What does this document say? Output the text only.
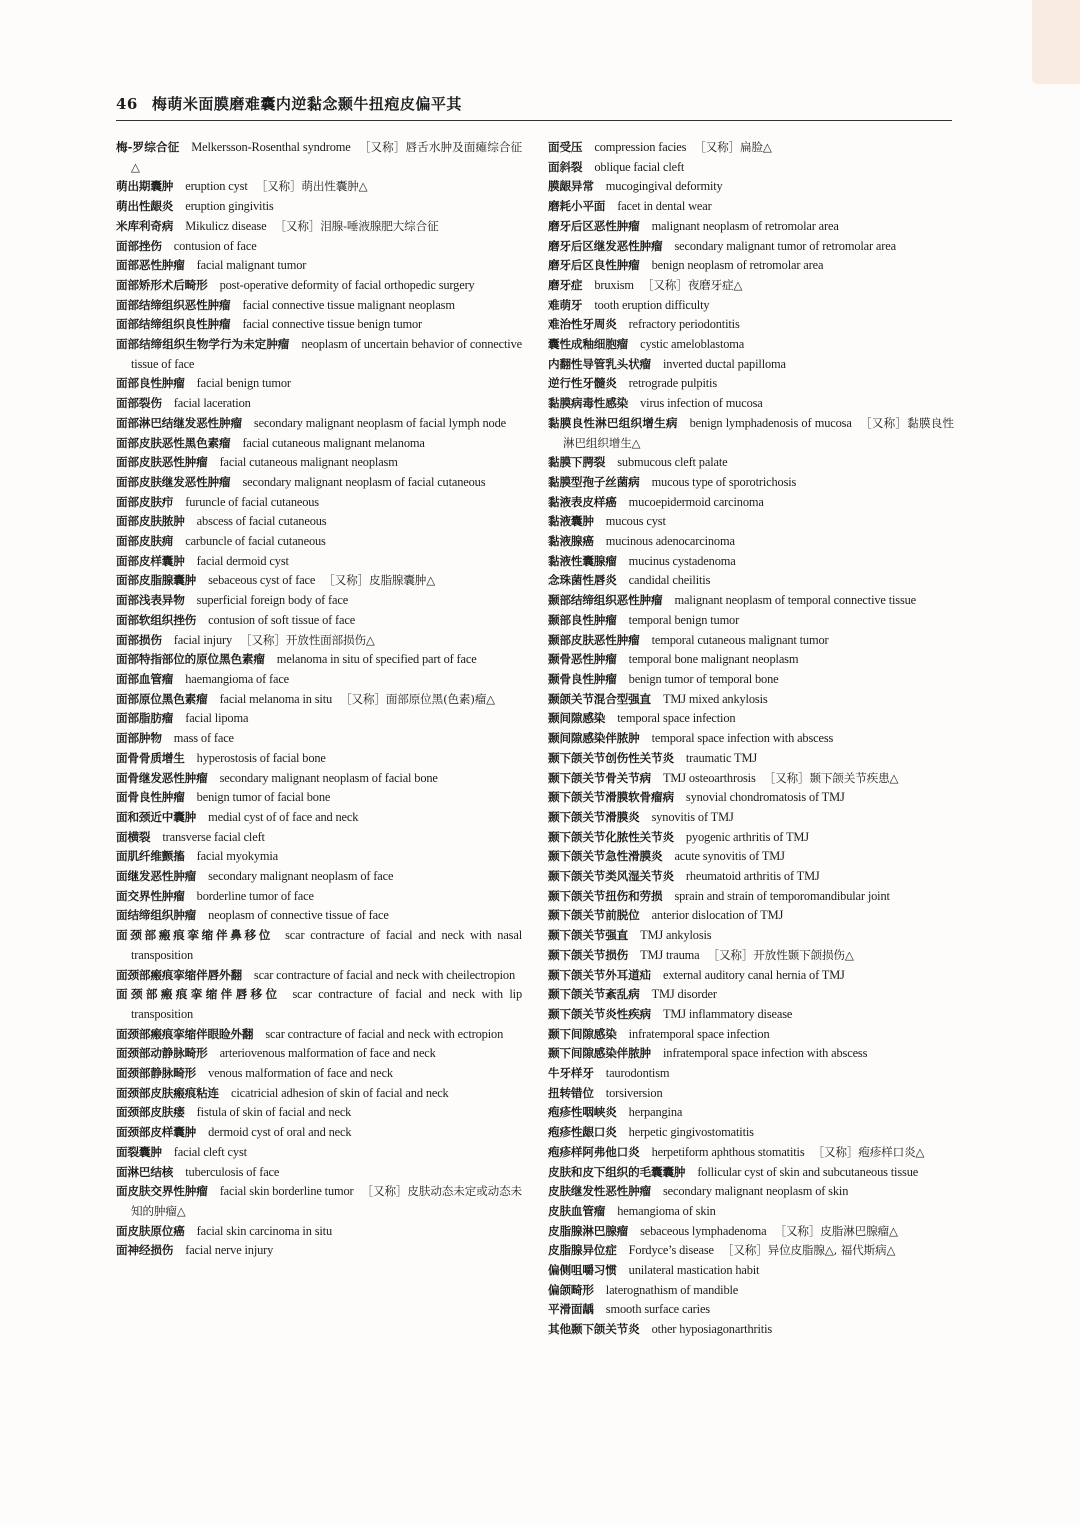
46 梅萌米面膜磨难囊内逆黏念颞牛扭疱皮偏平其
梅-罗综合征 Melkersson-Rosenthal syndrome ［又称］唇舌水肿及面瘫综合征△
萌出期囊肿 eruption cyst ［又称］萌出性囊肿△
萌出性龈炎 eruption gingivitis
米库利奇病 Mikulicz disease ［又称］泪腺-唾液腺肥大综合征
面部挫伤 contusion of face
面部恶性肿瘤 facial malignant tumor
面部矫形术后畸形 post-operative deformity of facial orthopedic surgery
面部结缔组织恶性肿瘤 facial connective tissue malignant neoplasm
面部结缔组织良性肿瘤 facial connective tissue benign tumor
面部结缔组织生物学行为未定肿瘤 neoplasm of uncertain behavior of connective tissue of face
面部良性肿瘤 facial benign tumor
面部裂伤 facial laceration
面部淋巴结继发恶性肿瘤 secondary malignant neoplasm of facial lymph node
面部皮肤恶性黑色素瘤 facial cutaneous malignant melanoma
面部皮肤恶性肿瘤 facial cutaneous malignant neoplasm
面部皮肤继发恶性肿瘤 secondary malignant neoplasm of facial cutaneous
面部皮肤疖 furuncle of facial cutaneous
面部皮肤脓肿 abscess of facial cutaneous
面部皮肤痈 carbuncle of facial cutaneous
面部皮样囊肿 facial dermoid cyst
面部皮脂腺囊肿 sebaceous cyst of face ［又称］皮脂腺囊肿△
面部浅表异物 superficial foreign body of face
面部软组织挫伤 contusion of soft tissue of face
面部损伤 facial injury ［又称］开放性面部损伤△
面部特指部位的原位黑色素瘤 melanoma in situ of specified part of face
面部血管瘤 haemangioma of face
面部原位黑色素瘤 facial melanoma in situ ［又称］面部原位黑(色素)瘤△
面部脂肪瘤 facial lipoma
面部肿物 mass of face
面骨骨质增生 hyperostosis of facial bone
面骨继发恶性肿瘤 secondary malignant neoplasm of facial bone
面骨良性肿瘤 benign tumor of facial bone
面和颈近中囊肿 medial cyst of of face and neck
面横裂 transverse facial cleft
面肌纤维颤搐 facial myokymia
面继发恶性肿瘤 secondary malignant neoplasm of face
面交界性肿瘤 borderline tumor of face
面结缔组织肿瘤 neoplasm of connective tissue of face
面颈部瘢痕挛缩伴鼻移位 scar contracture of facial and neck with nasal transposition
面颈部瘢痕挛缩伴唇外翻 scar contracture of facial and neck with cheilectropion
面颈部瘢痕挛缩伴唇移位 scar contracture of facial and neck with lip transposition
面颈部瘢痕挛缩伴眼睑外翻 scar contracture of facial and neck with ectropion
面颈部动静脉畸形 arteriovenous malformation of face and neck
面颈部静脉畸形 venous malformation of face and neck
面颈部皮肤瘢痕粘连 cicatricial adhesion of skin of facial and neck
面颈部皮肤瘘 fistula of skin of facial and neck
面颈部皮样囊肿 dermoid cyst of oral and neck
面裂囊肿 facial cleft cyst
面淋巴结核 tuberculosis of face
面皮肤交界性肿瘤 facial skin borderline tumor ［又称］皮肤动态未定或动态未知的肿瘤△
面皮肤原位癌 facial skin carcinoma in situ
面神经损伤 facial nerve injury
面受压 compression facies ［又称］扁脸△
面斜裂 oblique facial cleft
膜龈异常 mucogingival deformity
磨耗小平面 facet in dental wear
磨牙后区恶性肿瘤 malignant neoplasm of retromolar area
磨牙后区继发恶性肿瘤 secondary malignant tumor of retromolar area
磨牙后区良性肿瘤 benign neoplasm of retromolar area
磨牙症 bruxism ［又称］夜磨牙症△
难萌牙 tooth eruption difficulty
难治性牙周炎 refractory periodontitis
囊性成釉细胞瘤 cystic ameloblastoma
内翻性导管乳头状瘤 inverted ductal papilloma
逆行性牙髓炎 retrograde pulpitis
黏膜病毒性感染 virus infection of mucosa
黏膜良性淋巴组织增生病 benign lymphadenosis of mucosa ［又称］黏膜良性淋巴组织增生△
黏膜下腭裂 submucous cleft palate
黏膜型孢子丝菌病 mucous type of sporotrichosis
黏液表皮样癌 mucoepidermoid carcinoma
黏液囊肿 mucous cyst
黏液腺癌 mucinous adenocarcinoma
黏液性囊腺瘤 mucinus cystadenoma
念珠菌性唇炎 candidal cheilitis
颞部结缔组织恶性肿瘤 malignant neoplasm of temporal connective tissue
颞部良性肿瘤 temporal benign tumor
颞部皮肤恶性肿瘤 temporal cutaneous malignant tumor
颞骨恶性肿瘤 temporal bone malignant neoplasm
颞骨良性肿瘤 benign tumor of temporal bone
颞颌关节混合型强直 TMJ mixed ankylosis
颞间隙感染 temporal space infection
颞间隙感染伴脓肿 temporal space infection with abscess
颞下颌关节创伤性关节炎 traumatic TMJ
颞下颌关节骨关节病 TMJ osteoarthrosis ［又称］颞下颌关节疾患△
颞下颌关节滑膜软骨瘤病 synovial chondromatosis of TMJ
颞下颌关节滑膜炎 synovitis of TMJ
颞下颌关节化脓性关节炎 pyogenic arthritis of TMJ
颞下颌关节急性滑膜炎 acute synovitis of TMJ
颞下颌关节类风湿关节炎 rheumatoid arthritis of TMJ
颞下颌关节扭伤和劳损 sprain and strain of temporomandibular joint
颞下颌关节前脱位 anterior dislocation of TMJ
颞下颌关节强直 TMJ ankylosis
颞下颌关节损伤 TMJ trauma ［又称］开放性颞下颌损伤△
颞下颌关节外耳道疝 external auditory canal hernia of TMJ
颞下颌关节紊乱病 TMJ disorder
颞下颌关节炎性疾病 TMJ inflammatory disease
颞下间隙感染 infratemporal space infection
颞下间隙感染伴脓肿 infratemporal space infection with abscess
牛牙样牙 taurodontism
扭转错位 torsiversion
疱疹性咽峡炎 herpangina
疱疹性龈口炎 herpetic gingivostomatitis
疱疹样阿弗他口炎 herpetiform aphthous stomatitis ［又称］疱疹样口炎△
皮肤和皮下组织的毛囊囊肿 follicular cyst of skin and subcutaneous tissue
皮肤继发性恶性肿瘤 secondary malignant neoplasm of skin
皮肤血管瘤 hemangioma of skin
皮脂腺淋巴腺瘤 sebaceous lymphadenoma ［又称］皮脂淋巴腺瘤△
皮脂腺异位症 Fordyce’s disease ［又称］异位皮脂腺△, 福代斯病△
偏侧咀嚼习惯 unilateral mastication habit
偏颌畸形 laterognathism of mandible
平滑面龋 smooth surface caries
其他颞下颌关节炎 other hyposiagonarthritis
